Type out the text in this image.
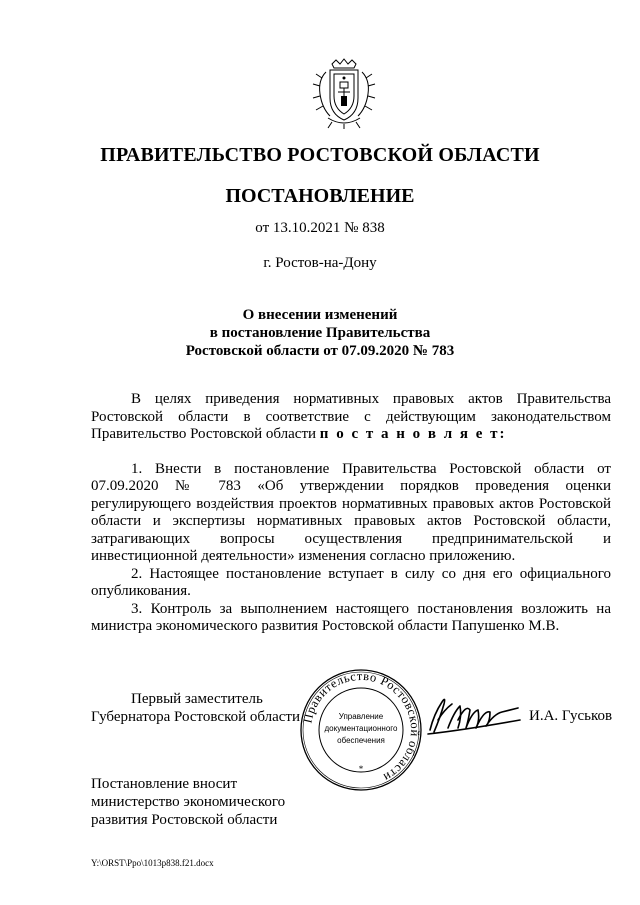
ПРАВИТЕЛЬСТВО РОСТОВСКОЙ ОБЛАСТИ
ПОСТАНОВЛЕНИЕ
от 13.10.2021 № 838
г. Ростов-на-Дону
О внесении изменений
в постановление Правительства
Ростовской области от 07.09.2020 № 783

В целях приведения нормативных правовых актов Правительства Ростовской области в соответствие с действующим законодательством Правительство Ростовской области п о с т а н о в л я е т:

1. Внести в постановление Правительства Ростовской области от 07.09.2020 № 783 «Об утверждении порядков проведения оценки регулирующего воздействия проектов нормативных правовых актов Ростовской области и экспертизы нормативных правовых актов Ростовской области, затрагивающих вопросы осуществления предпринимательской и инвестиционной деятельности» изменения согласно приложению.

2. Настоящее постановление вступает в силу со дня его официального опубликования.

3. Контроль за выполнением настоящего постановления возложить на министра экономического развития Ростовской области Папушенко М.В.

Первый заместитель
Губернатора Ростовской области Правительство Ростовской области
*
Управление
документационного
обеспечения
И.А. Гуськов
Постановление вносит
министерство экономического
развития Ростовской области
Y:\ORST\Ppo\1013p838.f21.docx
